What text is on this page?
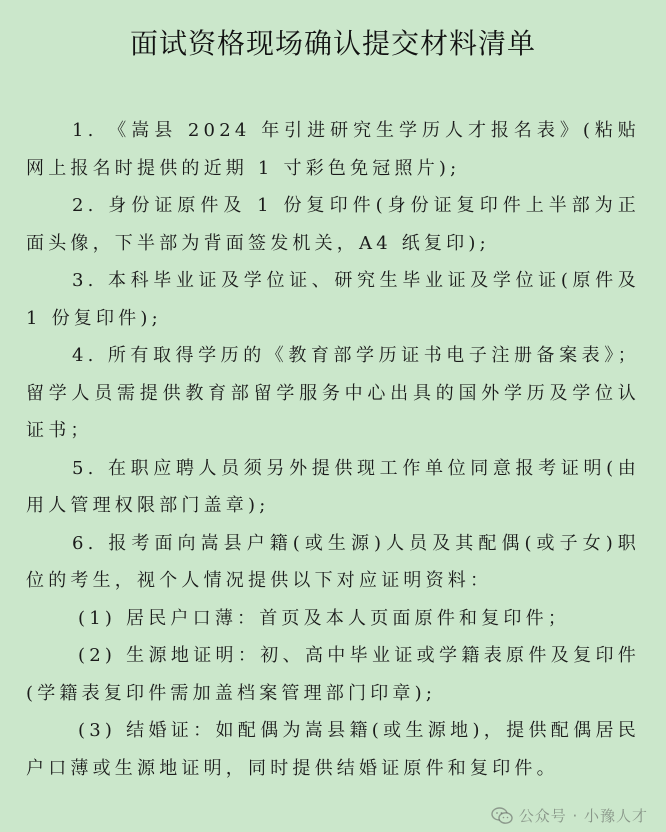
面试资格现场确认提交材料清单

1. 《嵩县 2024 年引进研究生学历人才报名表》(粘贴网上报名时提供的近期 1 寸彩色免冠照片);

2. 身份证原件及 1 份复印件(身份证复印件上半部为正面头像，下半部为背面签发机关，A4 纸复印);

3. 本科毕业证及学位证、研究生毕业证及学位证(原件及 1 份复印件);

4. 所有取得学历的《教育部学历证书电子注册备案表》；留学人员需提供教育部留学服务中心出具的国外学历及学位认证书；

5. 在职应聘人员须另外提供现工作单位同意报考证明(由用人管理权限部门盖章);

6. 报考面向嵩县户籍(或生源)人员及其配偶(或子女)职位的考生，视个人情况提供以下对应证明资料：

(1) 居民户口薄：首页及本人页面原件和复印件；

(2) 生源地证明：初、高中毕业证或学籍表原件及复印件(学籍表复印件需加盖档案管理部门印章);

(3) 结婚证：如配偶为嵩县籍(或生源地)，提供配偶居民户口薄或生源地证明，同时提供结婚证原件和复印件。

公众号 · 小豫人才
